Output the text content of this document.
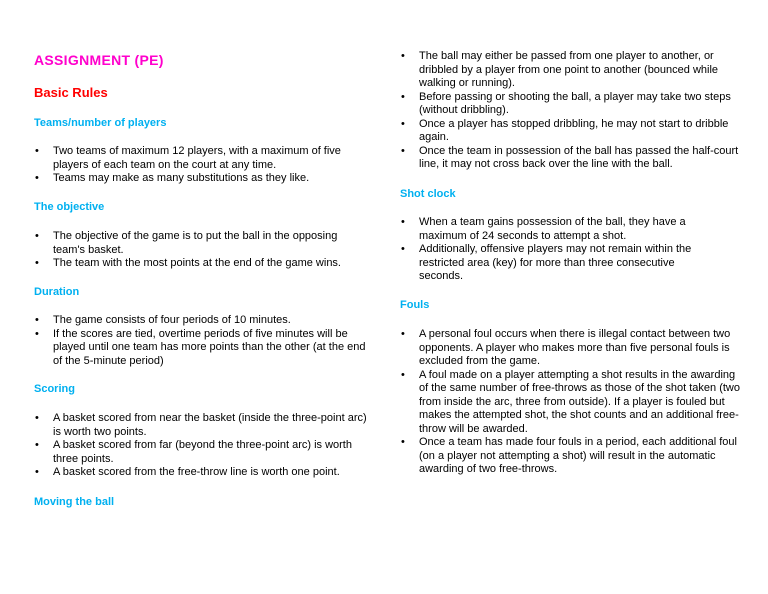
ASSIGNMENT (PE)
Basic Rules
Teams/number of players
• Two teams of maximum 12 players, with a maximum of five players of each team on the court at any time.
• Teams may make as many substitutions as they like.
The objective
• The objective of the game is to put the ball in the opposing team's basket.
• The team with the most points at the end of the game wins.
Duration
• The game consists of four periods of 10 minutes.
• If the scores are tied, overtime periods of five minutes will be played until one team has more points than the other (at the end of the 5-minute period)
Scoring
• A basket scored from near the basket (inside the three-point arc) is worth two points.
• A basket scored from far (beyond the three-point arc) is worth three points.
• A basket scored from the free-throw line is worth one point.
Moving the ball
• The ball may either be passed from one player to another, or dribbled by a player from one point to another (bounced while walking or running).
• Before passing or shooting the ball, a player may take two steps (without dribbling).
• Once a player has stopped dribbling, he may not start to dribble again.
• Once the team in possession of the ball has passed the half-court line, it may not cross back over the line with the ball.
Shot clock
• When a team gains possession of the ball, they have a maximum of 24 seconds to attempt a shot.
• Additionally, offensive players may not remain within the restricted area (key) for more than three consecutive seconds.
Fouls
• A personal foul occurs when there is illegal contact between two opponents. A player who makes more than five personal fouls is excluded from the game.
• A foul made on a player attempting a shot results in the awarding of the same number of free-throws as those of the shot taken (two from inside the arc, three from outside). If a player is fouled but makes the attempted shot, the shot counts and an additional free-throw will be awarded.
• Once a team has made four fouls in a period, each additional foul (on a player not attempting a shot) will result in the automatic awarding of two free-throws.
